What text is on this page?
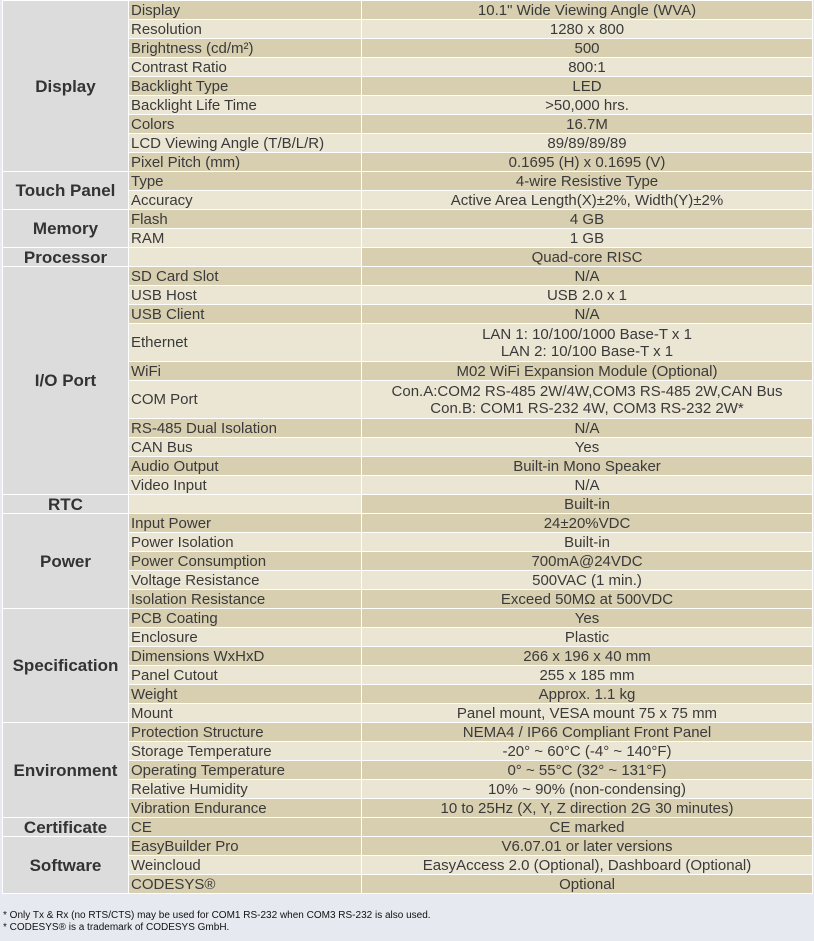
Display	Display	10.1" Wide Viewing Angle (WVA)
	Resolution	1280 x 800
	Brightness (cd/m²)	500
	Contrast Ratio	800:1
	Backlight Type	LED
	Backlight Life Time	>50,000 hrs.
	Colors	16.7M
	LCD Viewing Angle (T/B/L/R)	89/89/89/89
	Pixel Pitch (mm)	0.1695 (H) x 0.1695 (V)
Touch Panel	Type	4-wire Resistive Type
	Accuracy	Active Area Length(X)±2%, Width(Y)±2%
Memory	Flash	4 GB
	RAM	1 GB
Processor		Quad-core RISC
I/O Port	SD Card Slot	N/A
	USB Host	USB 2.0 x 1
	USB Client	N/A
	Ethernet	LAN 1: 10/100/1000 Base-T x 1
LAN 2: 10/100 Base-T x 1
	WiFi	M02 WiFi Expansion Module (Optional)
	COM Port	Con.A:COM2 RS-485 2W/4W,COM3 RS-485 2W,CAN Bus
Con.B: COM1 RS-232 4W, COM3 RS-232 2W*
	RS-485 Dual Isolation	N/A
	CAN Bus	Yes
	Audio Output	Built-in Mono Speaker
	Video Input	N/A
RTC		Built-in
Power	Input Power	24±20%VDC
	Power Isolation	Built-in
	Power Consumption	700mA@24VDC
	Voltage Resistance	500VAC (1 min.)
	Isolation Resistance	Exceed 50MΩ at 500VDC
Specification	PCB Coating	Yes
	Enclosure	Plastic
	Dimensions WxHxD	266 x 196 x 40 mm
	Panel Cutout	255 x 185 mm
	Weight	Approx. 1.1 kg
	Mount	Panel mount, VESA mount 75 x 75 mm
Environment	Protection Structure	NEMA4 / IP66 Compliant Front Panel
	Storage Temperature	-20° ~ 60°C (-4° ~ 140°F)
	Operating Temperature	0° ~ 55°C (32° ~ 131°F)
	Relative Humidity	10% ~ 90% (non-condensing)
	Vibration Endurance	10 to 25Hz (X, Y, Z direction 2G 30 minutes)
Certificate	CE	CE marked
Software	EasyBuilder Pro	V6.07.01 or later versions
	Weincloud	EasyAccess 2.0 (Optional), Dashboard (Optional)
	CODESYS®	Optional
* Only Tx & Rx (no RTS/CTS) may be used for COM1 RS-232 when COM3 RS-232 is also used.
* CODESYS® is a trademark of CODESYS GmbH.
